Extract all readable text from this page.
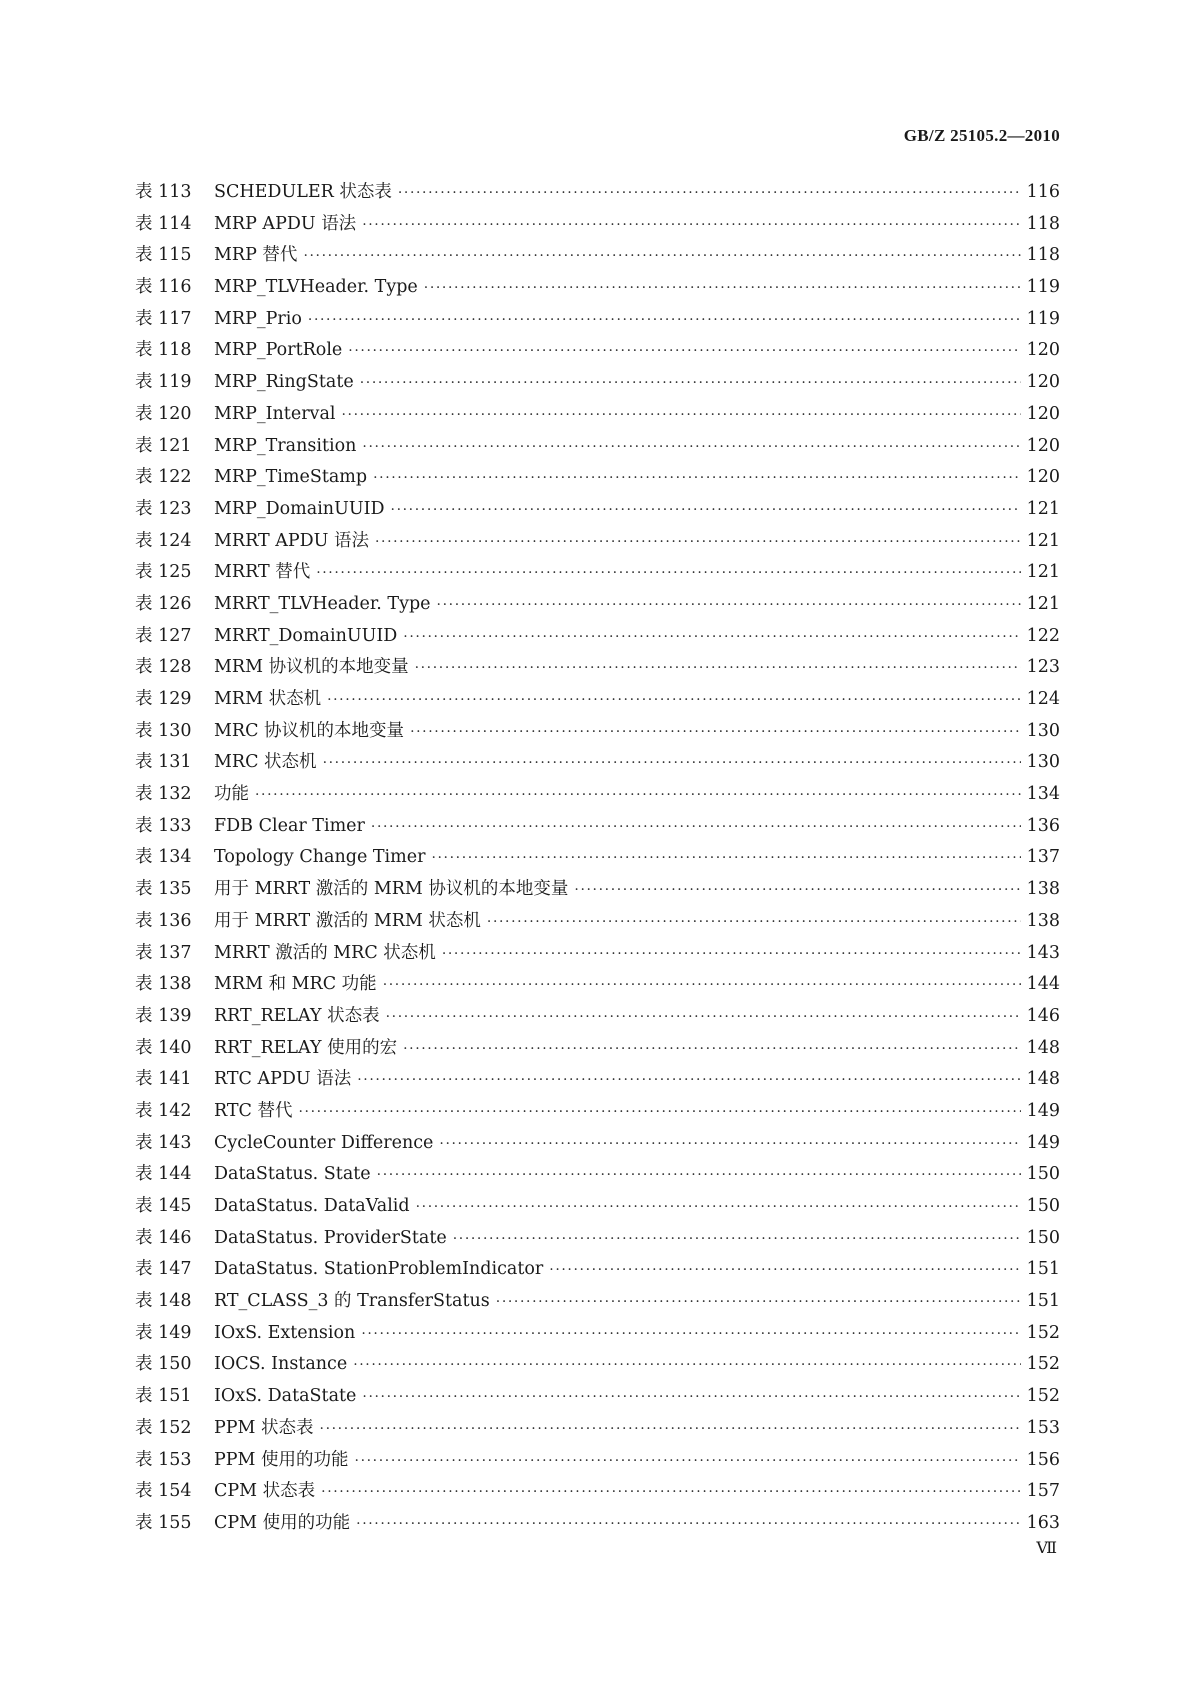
GB/Z 25105.2—2010
表 113	SCHEDULER 状态表 ·····	116
表 114	MRP APDU 语法 ·····	118
表 115	MRP 替代 ·····	118
表 116	MRP_TLVHeader. Type ·····	119
表 117	MRP_Prio ·····	119
表 118	MRP_PortRole ·····	120
表 119	MRP_RingState ·····	120
表 120	MRP_Interval ·····	120
表 121	MRP_Transition ·····	120
表 122	MRP_TimeStamp ·····	120
表 123	MRP_DomainUUID ·····	121
表 124	MRRT APDU 语法 ·····	121
表 125	MRRT 替代 ·····	121
表 126	MRRT_TLVHeader. Type ·····	121
表 127	MRRT_DomainUUID ·····	122
表 128	MRM 协议机的本地变量 ·····	123
表 129	MRM 状态机 ·····	124
表 130	MRC 协议机的本地变量 ·····	130
表 131	MRC 状态机 ·····	130
表 132	功能 ·····	134
表 133	FDB Clear Timer ·····	136
表 134	Topology Change Timer ·····	137
表 135	用于 MRRT 激活的 MRM 协议机的本地变量 ·····	138
表 136	用于 MRRT 激活的 MRM 状态机 ·····	138
表 137	MRRT 激活的 MRC 状态机 ·····	143
表 138	MRM 和 MRC 功能 ·····	144
表 139	RRT_RELAY 状态表 ·····	146
表 140	RRT_RELAY 使用的宏 ·····	148
表 141	RTC APDU 语法 ·····	148
表 142	RTC 替代 ·····	149
表 143	CycleCounter Difference ·····	149
表 144	DataStatus. State ·····	150
表 145	DataStatus. DataValid ·····	150
表 146	DataStatus. ProviderState ·····	150
表 147	DataStatus. StationProblemIndicator ·····	151
表 148	RT_CLASS_3 的 TransferStatus ·····	151
表 149	IOxS. Extension ·····	152
表 150	IOCS. Instance ·····	152
表 151	IOxS. DataState ·····	152
表 152	PPM 状态表 ·····	153
表 153	PPM 使用的功能 ·····	156
表 154	CPM 状态表 ·····	157
表 155	CPM 使用的功能 ·····	163
Ⅶ
